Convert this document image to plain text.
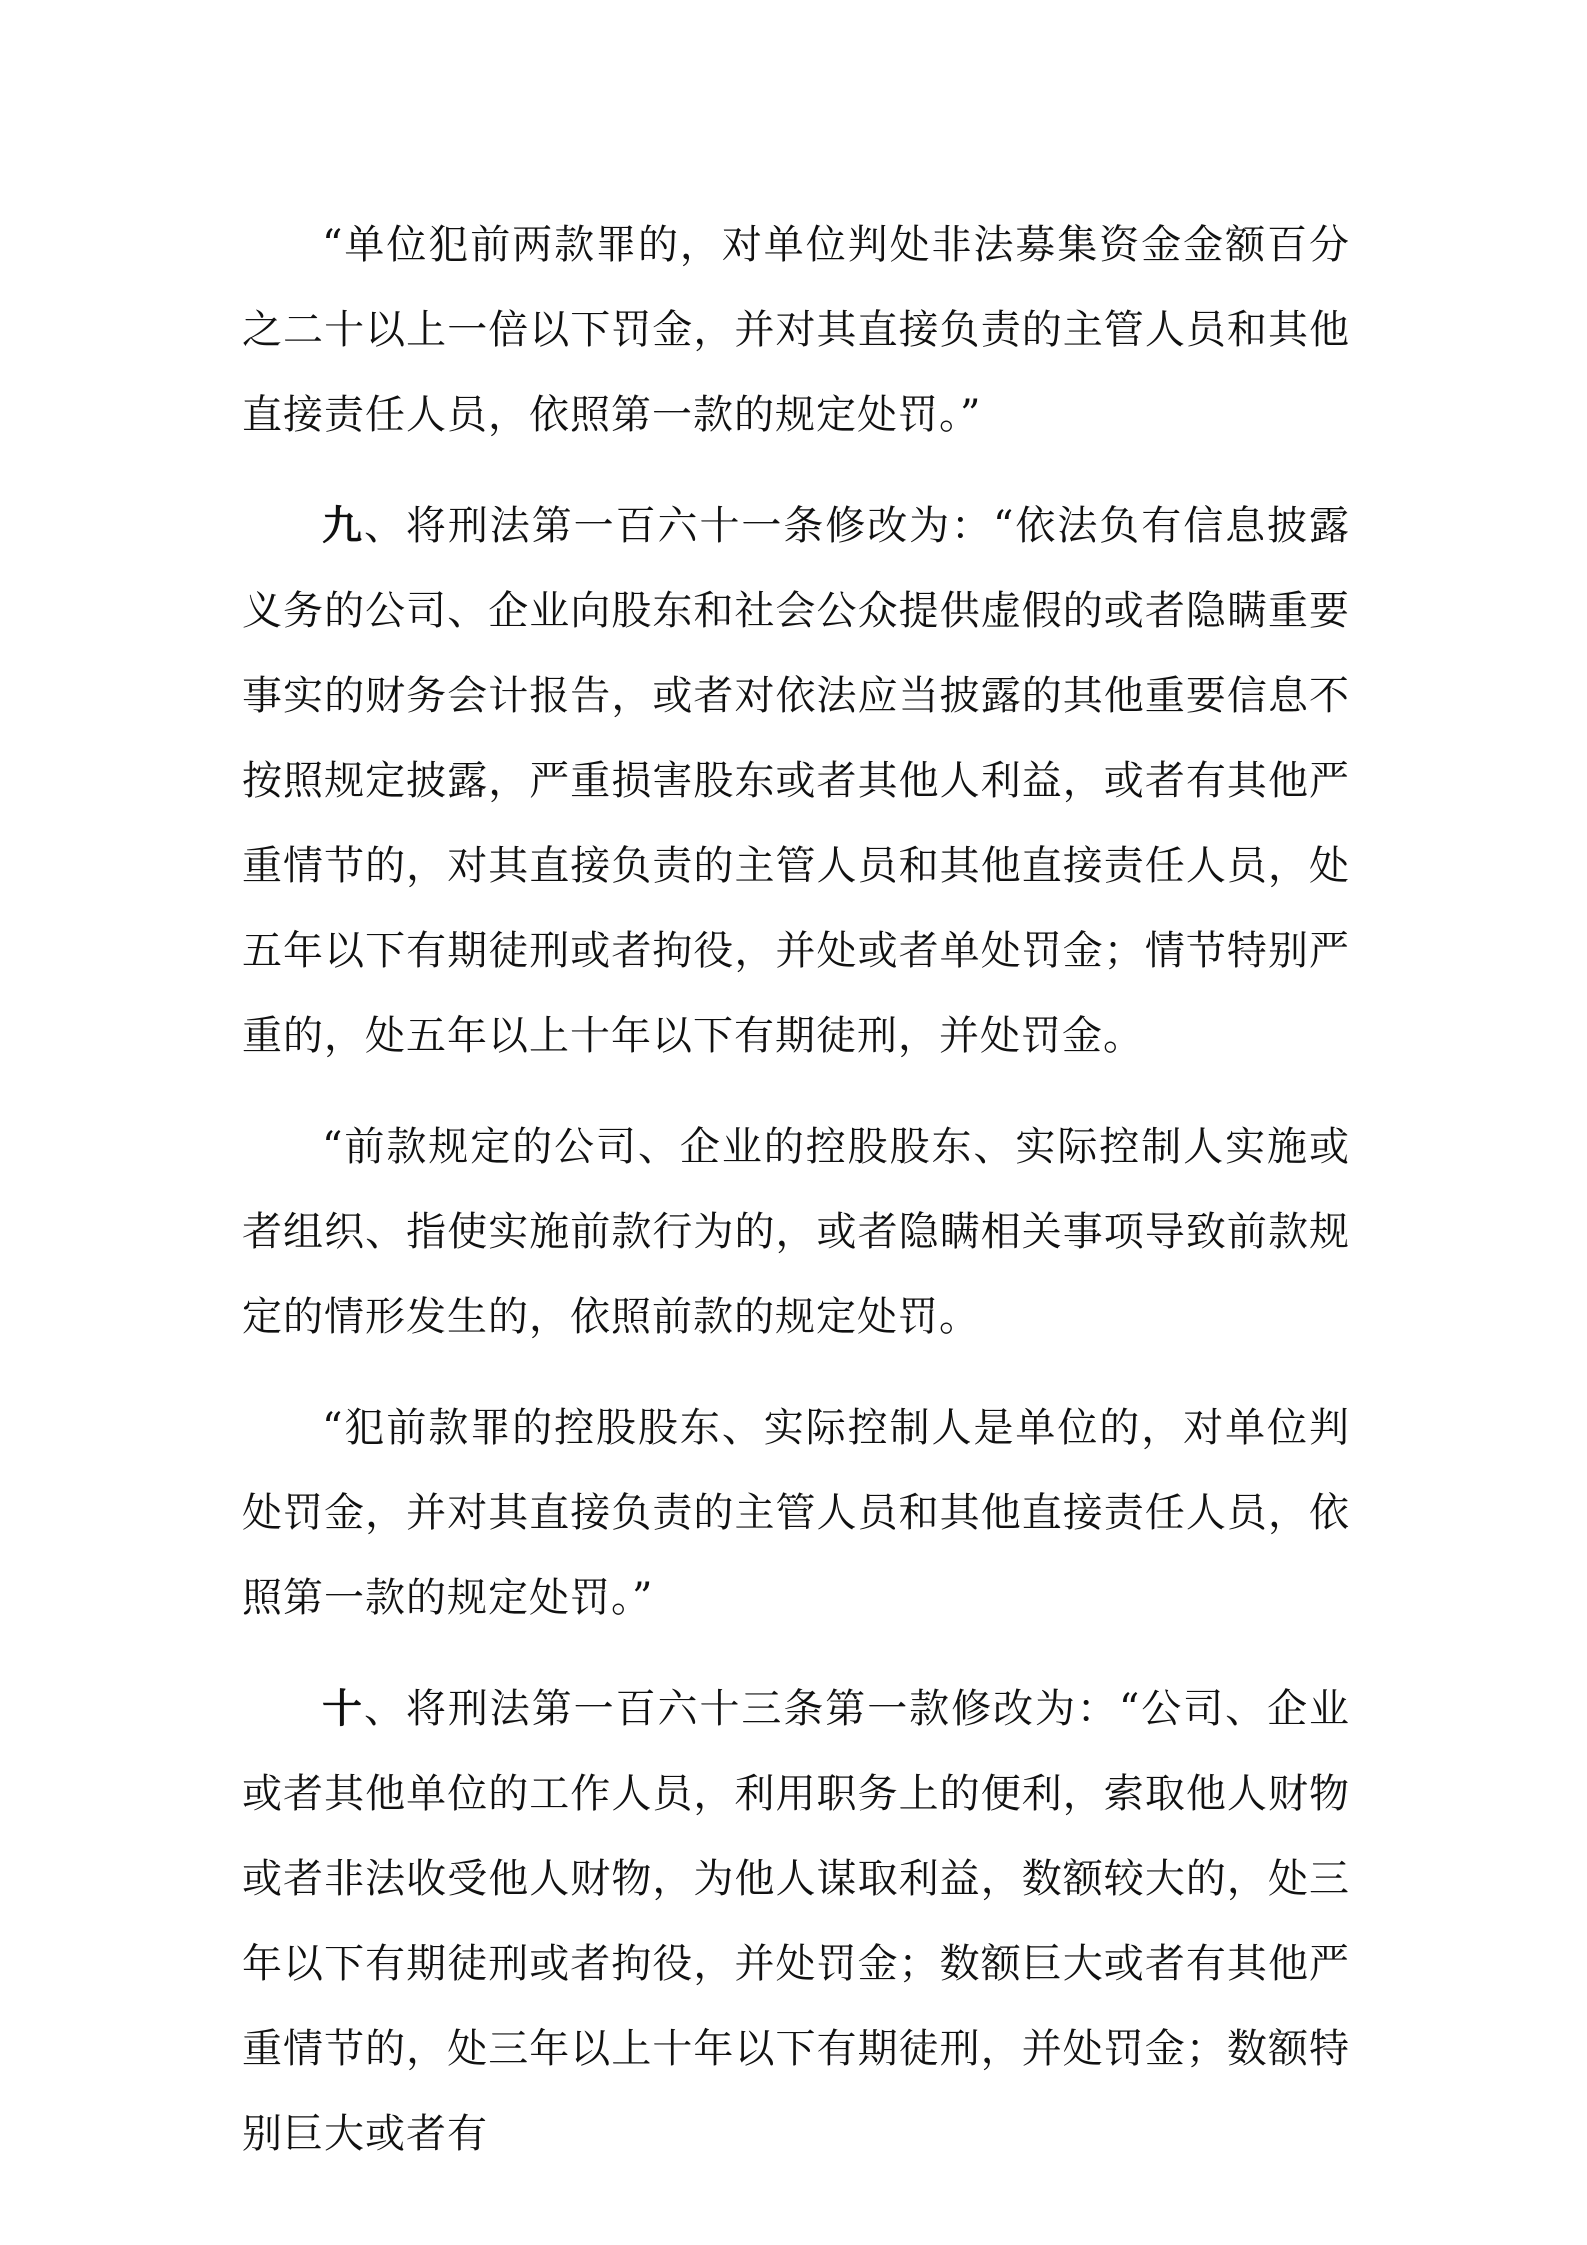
“单位犯前两款罪的，对单位判处非法募集资金金额百分之二十以上一倍以下罚金，并对其直接负责的主管人员和其他直接责任人员，依照第一款的规定处罚。”

九、将刑法第一百六十一条修改为：“依法负有信息披露义务的公司、企业向股东和社会公众提供虚假的或者隐瞒重要事实的财务会计报告，或者对依法应当披露的其他重要信息不按照规定披露，严重损害股东或者其他人利益，或者有其他严重情节的，对其直接负责的主管人员和其他直接责任人员，处五年以下有期徒刑或者拘役，并处或者单处罚金；情节特别严重的，处五年以上十年以下有期徒刑，并处罚金。

“前款规定的公司、企业的控股股东、实际控制人实施或者组织、指使实施前款行为的，或者隐瞒相关事项导致前款规定的情形发生的，依照前款的规定处罚。

“犯前款罪的控股股东、实际控制人是单位的，对单位判处罚金，并对其直接负责的主管人员和其他直接责任人员，依照第一款的规定处罚。”

十、将刑法第一百六十三条第一款修改为：“公司、企业或者其他单位的工作人员，利用职务上的便利，索取他人财物或者非法收受他人财物，为他人谋取利益，数额较大的，处三年以下有期徒刑或者拘役，并处罚金；数额巨大或者有其他严重情节的，处三年以上十年以下有期徒刑，并处罚金；数额特别巨大或者有
